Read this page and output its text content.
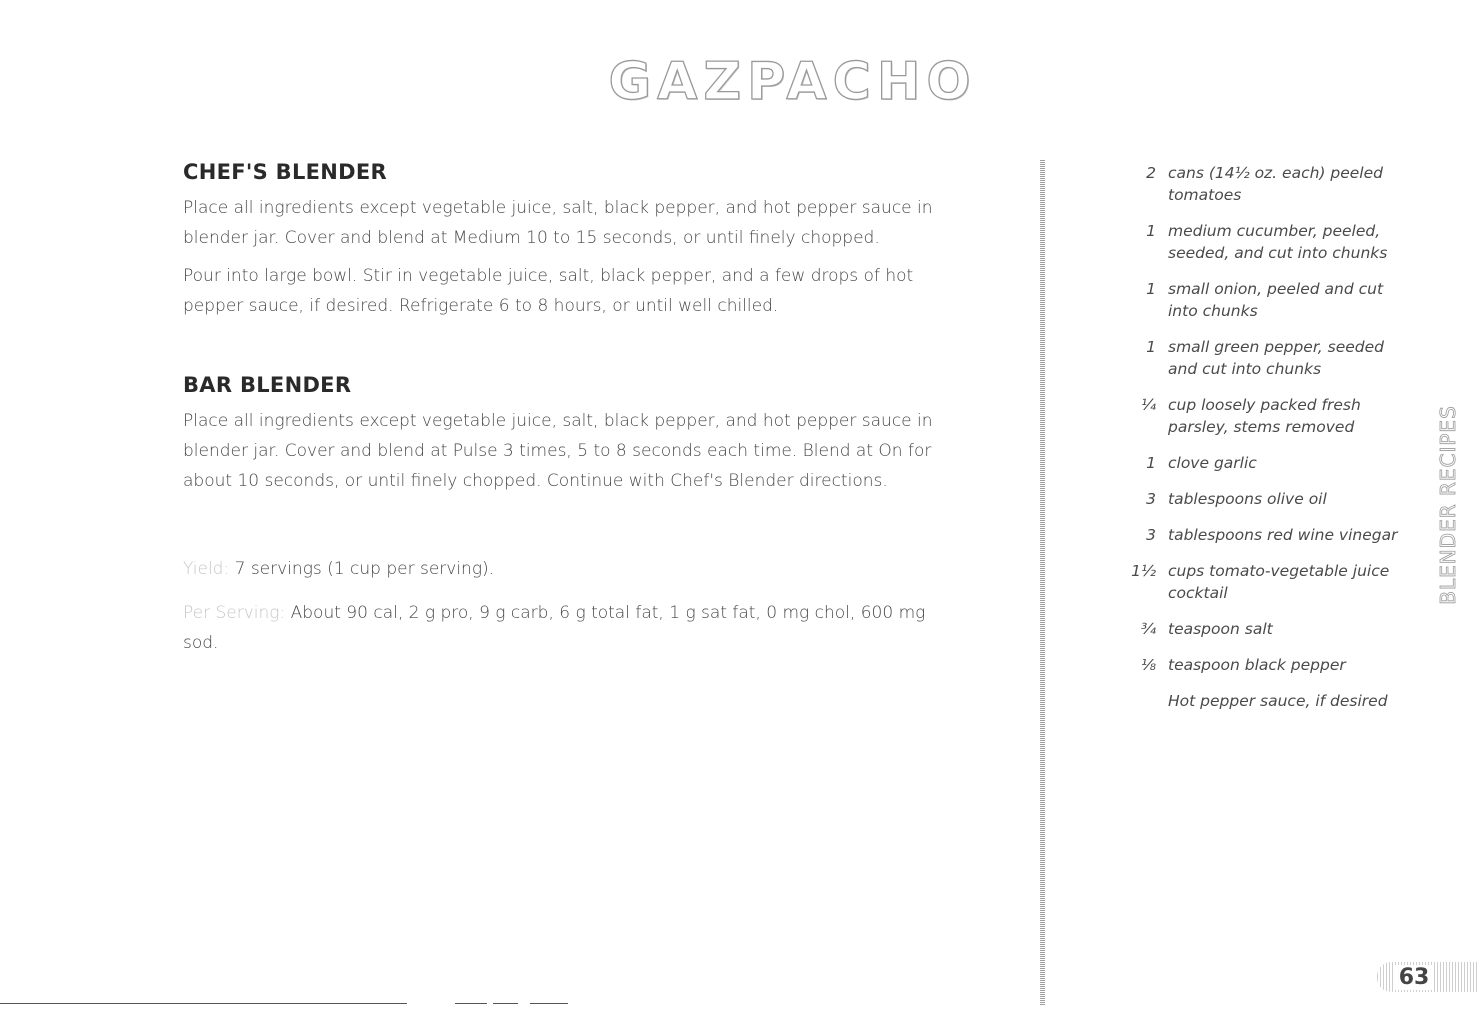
GAZPACHO
CHEF'S BLENDER

Place all ingredients except vegetable juice, salt, black pepper, and hot pepper sauce in blender jar. Cover and blend at Medium 10 to 15 seconds, or until finely chopped.

Pour into large bowl. Stir in vegetable juice, salt, black pepper, and a few drops of hot pepper sauce, if desired. Refrigerate 6 to 8 hours, or until well chilled.

BAR BLENDER

Place all ingredients except vegetable juice, salt, black pepper, and hot pepper sauce in blender jar. Cover and blend at Pulse 3 times, 5 to 8 seconds each time. Blend at On for about 10 seconds, or until finely chopped. Continue with Chef's Blender directions.

Yield: 7 servings (1 cup per serving).

Per Serving: About 90 cal, 2 g pro, 9 g carb, 6 g total fat, 1 g sat fat, 0 mg chol, 600 mg sod.

2 cans (14½ oz. each) peeled tomatoes
1 medium cucumber, peeled, seeded, and cut into chunks
1 small onion, peeled and cut into chunks
1 small green pepper, seeded and cut into chunks
¼ cup loosely packed fresh parsley, stems removed
1 clove garlic
3 tablespoons olive oil
3 tablespoons red wine vinegar
1½ cups tomato-vegetable juice cocktail
¾ teaspoon salt
⅛ teaspoon black pepper
Hot pepper sauce, if desired
BLENDER RECIPES
63
